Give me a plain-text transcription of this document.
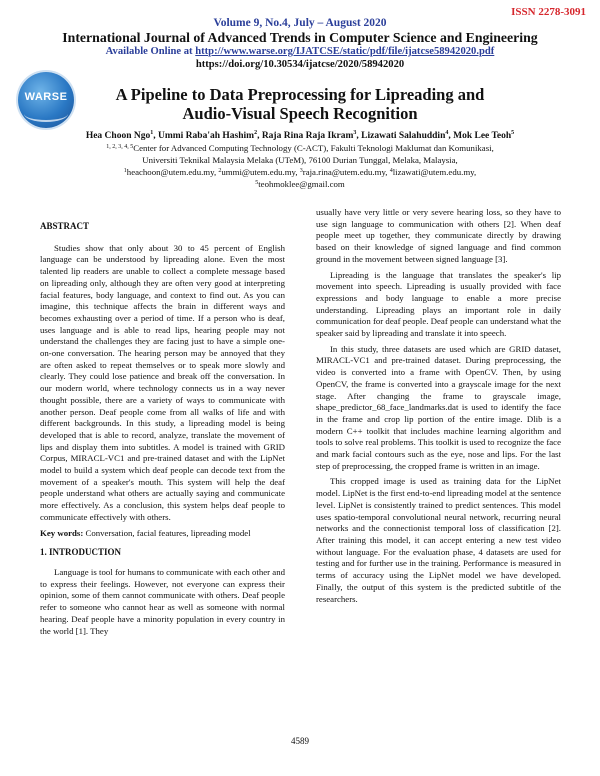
ISSN 2278-3091
Volume 9, No.4, July – August 2020
International Journal of Advanced Trends in Computer Science and Engineering
Available Online at http://www.warse.org/IJATCSE/static/pdf/file/ijatcse58942020.pdf
https://doi.org/10.30534/ijatcse/2020/58942020
WARSE	A Pipeline to Data Preprocessing for Lipreading and
Audio-Visual Speech Recognition
Hea Choon Ngo$^1$, Ummi Raba'ah Hashim$^2$, Raja Rina Raja Ikram$^3$, Lizawati Salahuddin$^4$, Mok Lee Teoh$^5$
$^{1, 2, 3, 4, 5}$Center for Advanced Computing Technology (C-ACT), Fakulti Teknologi Maklumat dan Komunikasi,
Universiti Teknikal Malaysia Melaka (UTeM), 76100 Durian Tunggal, Melaka, Malaysia,
$^1$heachoon@utem.edu.my, $^2$ummi@utem.edu.my, $^3$raja.rina@utem.edu.my, $^4$lizawati@utem.edu.my,
$^5$teohmoklee@gmail.com
ABSTRACT

Studies show that only about 30 to 45 percent of English language can be understood by lipreading alone. Even the most talented lip readers are unable to collect a complete message based on lipreading only, although they are often very good at interpreting facial features, body language, and context to find out. As you can imagine, this technique affects the brain in different ways and becomes exhausting over a period of time. If a person who is deaf, uses language and is able to read lips, hearing people may not understand the challenges they are facing just to have a simple one-on-one conversation. The hearing person may be annoyed that they are often asked to repeat themselves or to speak more slowly and clearly. They could lose patience and break off the conversation. In our modern world, where technology connects us in a way never thought possible, there are a variety of ways to communicate with another person. Deaf people come from all walks of life and with different backgrounds. In this study, a lipreading model is being developed that is able to record, analyze, translate the movement of lips and display them into subtitles. A model is trained with GRID Corpus, MIRACL-VC1 and pre-trained dataset and with the LipNet model to build a system which deaf people can decode text from the movement of a speaker's mouth. This system will help the deaf people understand what others are actually saying and communicate more effectively. As a conclusion, this system helps deaf people to communicate effectively with others.

Key words: Conversation, facial features, lipreading model

1. INTRODUCTION

Language is tool for humans to communicate with each other and to express their feelings. However, not everyone can express their opinion, some of them cannot communicate with others. Deaf people refer to someone who cannot hear as well as someone with normal hearing. Deaf people have a minority population in every country in the world [1]. They

usually have very little or very severe hearing loss, so they have to use sign language to communication with others [2]. When deaf people meet up together, they communicate directly by drawing based on their knowledge of signed language and find common ground in the movement between signed language [3].

Lipreading is the language that translates the speaker's lip movement into speech. Lipreading is usually provided with face expressions and body language to enable a more precise understanding. Lipreading plays an important role in daily communication for deaf people. Deaf people can understand what the speaker said by lipreading and translate it into speech.

In this study, three datasets are used which are GRID dataset, MIRACL-VC1 and pre-trained dataset. During preprocessing, the video is converted into a frame with OpenCV. Then, by using OpenCV, the frame is converted into a grayscale image for the next stage. After changing the frame to grayscale image, shape_predictor_68_face_landmarks.dat is used to identify the face in the frame and crop lip portion of the entire image. Dlib is a modern C++ toolkit that includes machine learning algorithm and tools to solve real problems. This toolkit is used to recognize the face and mark facial contours such as the eye, nose and lips. For the last step of preprocessing, the cropped frame is written in an image.

This cropped image is used as training data for the LipNet model. LipNet is the first end-to-end lipreading model at the sentence level. LipNet is consistently trained to predict sentences. This model uses spatio-temporal convolutional neural network, recurring neural networks and the connectionist temporal loss of classification [2]. After training this model, it can accept entering a new test video without language. For the evaluation phase, 4 datasets are used for testing and for further use in the training. Performance is measured in terms of accuracy using the LipNet model we have developed. Finally, the output of this system is the predicted subtitle of the researchers.

4589
